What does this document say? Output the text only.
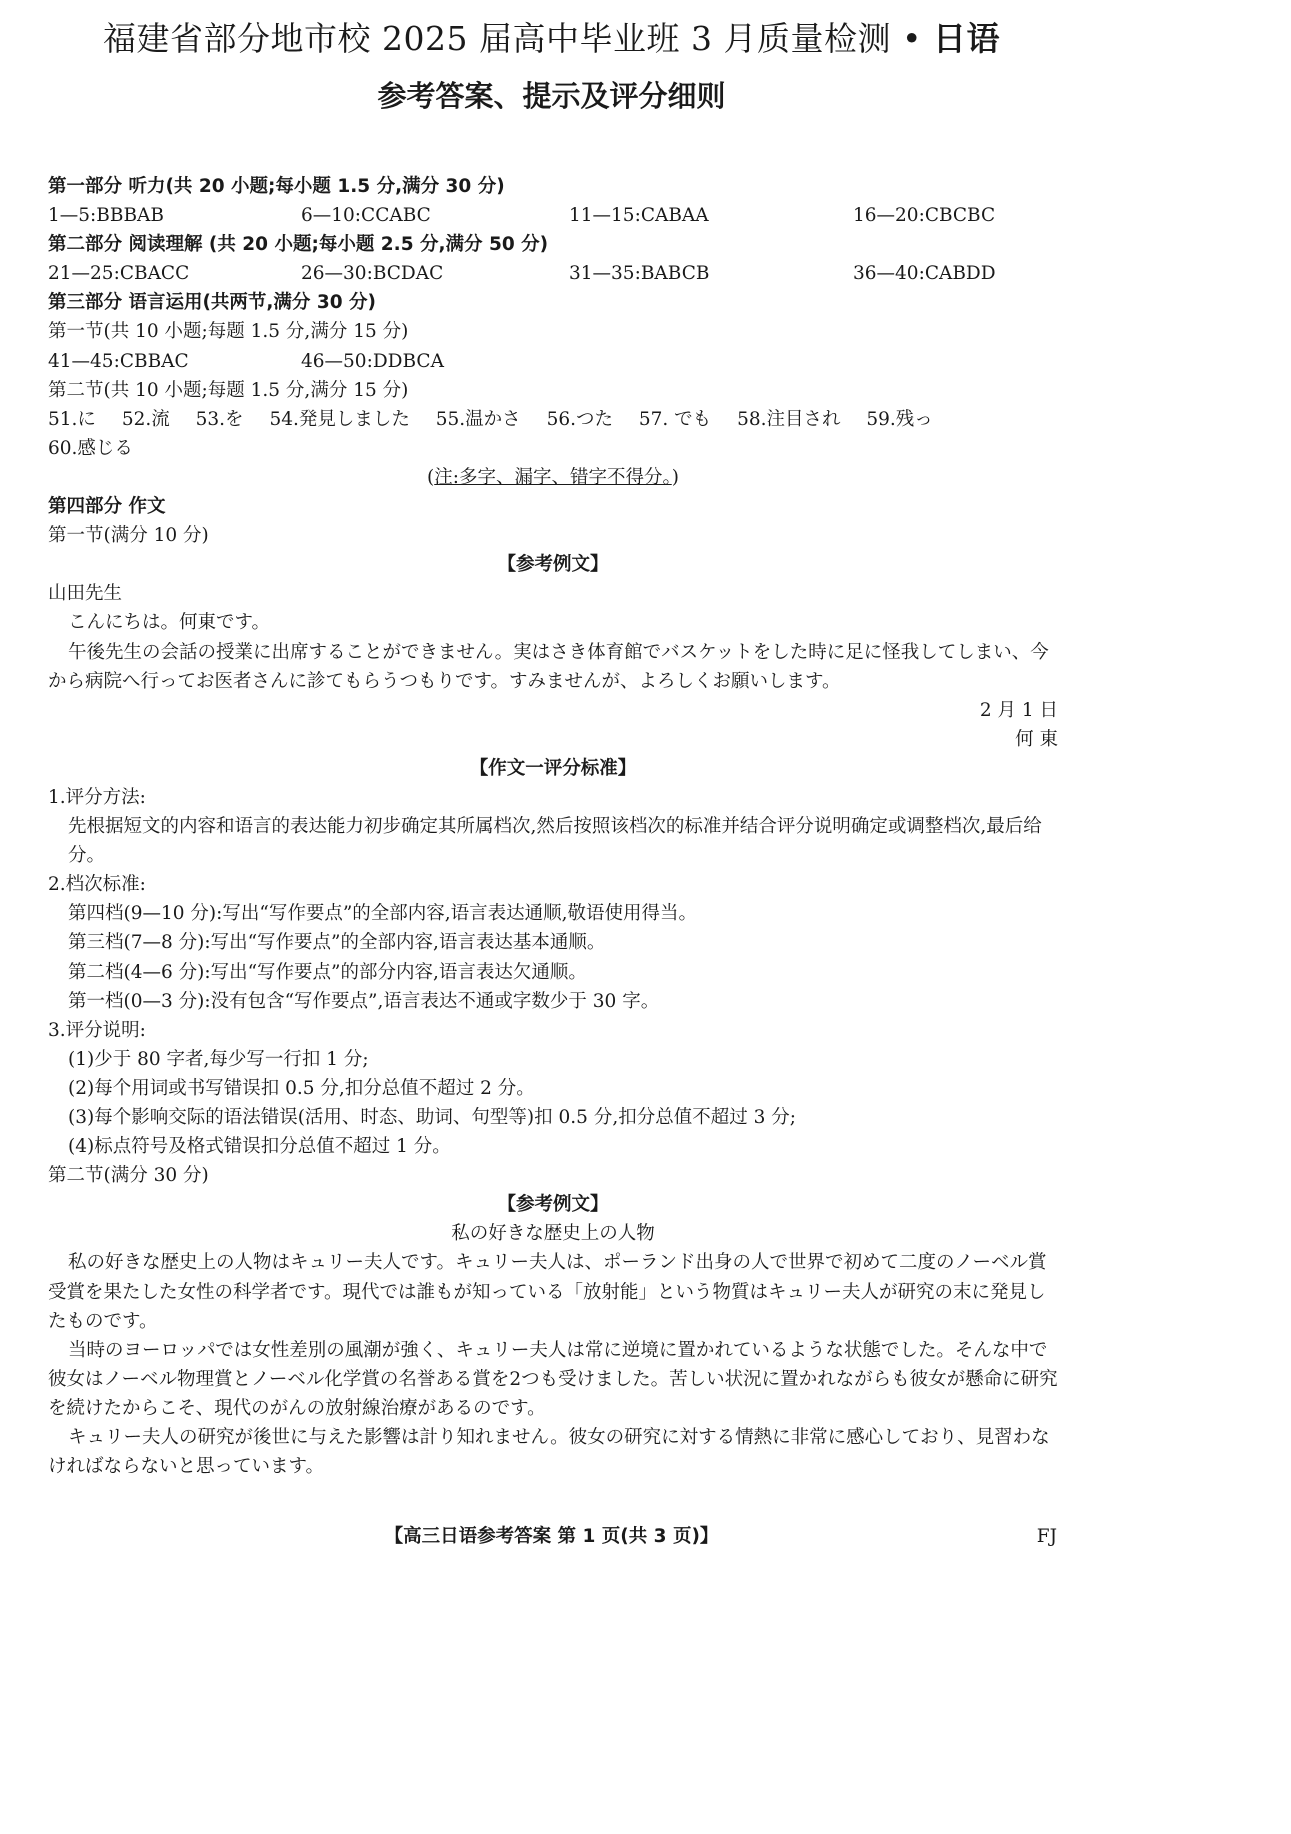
福建省部分地市校 2025 届高中毕业班 3 月质量检测 • 日语
参考答案、提示及评分细则
第一部分 听力(共 20 小题;每小题 1.5 分,满分 30 分)
1—5:BBBAB	6—10:CCABC	11—15:CABAA	16—20:CBCBC
第二部分 阅读理解 (共 20 小题;每小题 2.5 分,满分 50 分)
21—25:CBACC	26—30:BCDAC	31—35:BABCB	36—40:CABDD
第三部分 语言运用(共两节,满分 30 分)
第一节(共 10 小题;每题 1.5 分,满分 15 分)
41—45:CBBAC	46—50:DDBCA
第二节(共 10 小题;每题 1.5 分,满分 15 分)
51.に 52.流 53.を 54.発見しました 55.温かさ 56.つた 57. でも 58.注目され 59.残っ
60.感じる
(注:多字、漏字、错字不得分。)
第四部分 作文
第一节(满分 10 分)
【参考例文】
山田先生
こんにちは。何東です。
午後先生の会話の授業に出席することができません。実はさき体育館でバスケットをした時に足に怪我してしまい、今から病院へ行ってお医者さんに診てもらうつもりです。すみませんが、よろしくお願いします。
2 月 1 日
何 東
【作文一评分标准】
1.评分方法:
先根据短文的内容和语言的表达能力初步确定其所属档次,然后按照该档次的标准并结合评分说明确定或调整档次,最后给分。
2.档次标准:
第四档(9—10 分):写出“写作要点”的全部内容,语言表达通顺,敬语使用得当。
第三档(7—8 分):写出“写作要点”的全部内容,语言表达基本通顺。
第二档(4—6 分):写出“写作要点”的部分内容,语言表达欠通顺。
第一档(0—3 分):没有包含“写作要点”,语言表达不通或字数少于 30 字。
3.评分说明:
(1)少于 80 字者,每少写一行扣 1 分;
(2)每个用词或书写错误扣 0.5 分,扣分总值不超过 2 分。
(3)每个影响交际的语法错误(活用、时态、助词、句型等)扣 0.5 分,扣分总值不超过 3 分;
(4)标点符号及格式错误扣分总值不超过 1 分。
第二节(满分 30 分)
【参考例文】
私の好きな歴史上の人物
私の好きな歴史上の人物はキュリー夫人です。キュリー夫人は、ポーランド出身の人で世界で初めて二度のノーベル賞受賞を果たした女性の科学者です。現代では誰もが知っている「放射能」という物質はキュリー夫人が研究の末に発見したものです。
当時のヨーロッパでは女性差別の風潮が強く、キュリー夫人は常に逆境に置かれているような状態でした。そんな中で彼女はノーベル物理賞とノーベル化学賞の名誉ある賞を2つも受けました。苦しい状況に置かれながらも彼女が懸命に研究を続けたからこそ、現代のがんの放射線治療があるのです。
キュリー夫人の研究が後世に与えた影響は計り知れません。彼女の研究に対する情熱に非常に感心しており、見習わなければならないと思っています。
【高三日语参考答案 第 1 页(共 3 页)】	FJ
